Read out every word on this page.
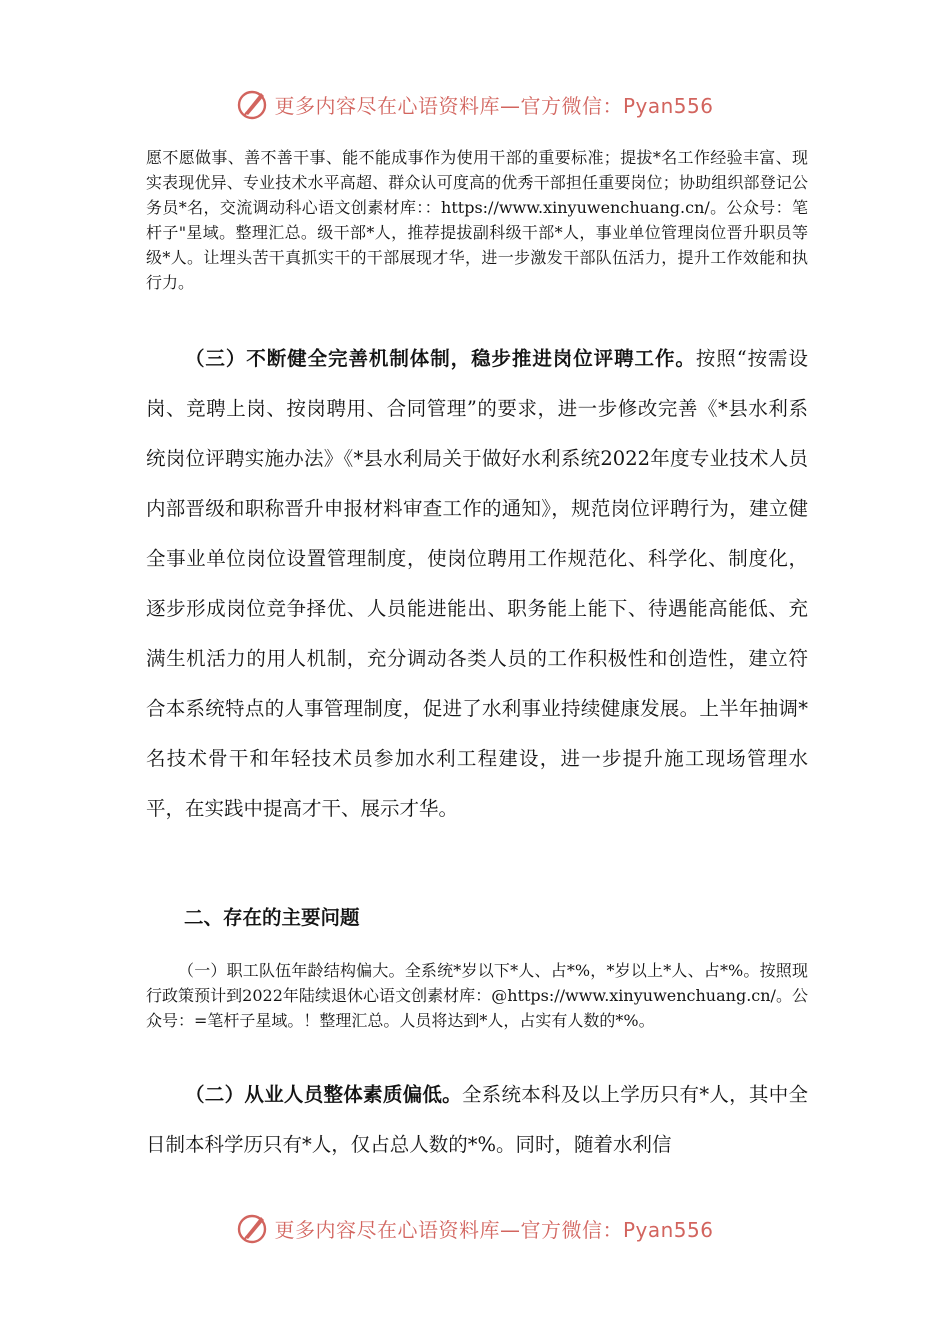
更多内容尽在心语资料库—官方微信：Pyan556
愿不愿做事、善不善干事、能不能成事作为使用干部的重要标准；提拔*名工作经验丰富、现实表现优异、专业技术水平高超、群众认可度高的优秀干部担任重要岗位；协助组织部登记公务员*名，交流调动科心语文创素材库：：https://www.xinyuwenchuang.cn/。公众号：笔杆子"星域。整理汇总。级干部*人，推荐提拔副科级干部*人，事业单位管理岗位晋升职员等级*人。让埋头苦干真抓实干的干部展现才华，进一步激发干部队伍活力，提升工作效能和执行力。
（三）不断健全完善机制体制，稳步推进岗位评聘工作。按照“按需设岗、竞聘上岗、按岗聘用、合同管理”的要求，进一步修改完善《*县水利系统岗位评聘实施办法》《*县水利局关于做好水利系统2022年度专业技术人员内部晋级和职称晋升申报材料审查工作的通知》，规范岗位评聘行为，建立健全事业单位岗位设置管理制度，使岗位聘用工作规范化、科学化、制度化，逐步形成岗位竞争择优、人员能进能出、职务能上能下、待遇能高能低、充满生机活力的用人机制，充分调动各类人员的工作积极性和创造性，建立符合本系统特点的人事管理制度，促进了水利事业持续健康发展。上半年抽调*名技术骨干和年轻技术员参加水利工程建设，进一步提升施工现场管理水平，在实践中提高才干、展示才华。
二、存在的主要问题
（一）职工队伍年龄结构偏大。全系统*岁以下*人、占*%，*岁以上*人、占*%。按照现行政策预计到2022年陆续退休心语文创素材库：@https://www.xinyuwenchuang.cn/。公众号：=笔杆子星域。！整理汇总。人员将达到*人，占实有人数的*%。
（二）从业人员整体素质偏低。全系统本科及以上学历只有*人，其中全日制本科学历只有*人，仅占总人数的*%。同时，随着水利信
更多内容尽在心语资料库—官方微信：Pyan556
